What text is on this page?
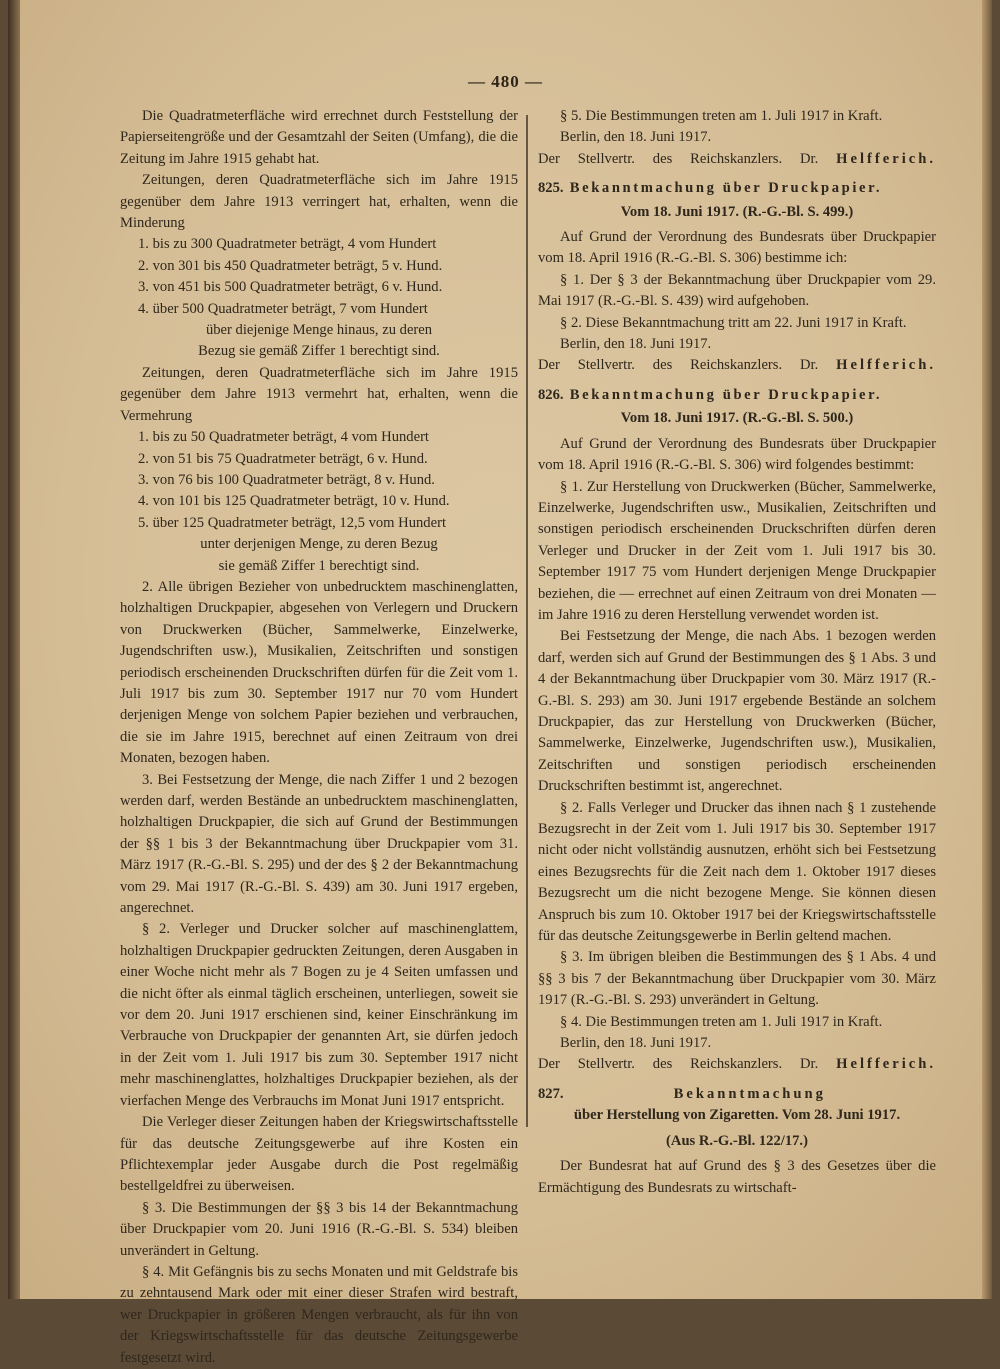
— 480 —

Die Quadratmeterfläche wird errechnet durch Feststellung der Papierseitengröße und der Gesamtzahl der Seiten (Umfang), die die Zeitung im Jahre 1915 gehabt hat.

Zeitungen, deren Quadratmeterfläche sich im Jahre 1915 gegenüber dem Jahre 1913 verringert hat, erhalten, wenn die Minderung

1. bis zu 300 Quadratmeter beträgt, 4 vom Hundert
2. von 301 bis 450 Quadratmeter beträgt, 5 v. Hund.
3. von 451 bis 500 Quadratmeter beträgt, 6 v. Hund.
4. über 500 Quadratmeter beträgt, 7 vom Hundert
über diejenige Menge hinaus, zu deren
Bezug sie gemäß Ziffer 1 berechtigt sind.

Zeitungen, deren Quadratmeterfläche sich im Jahre 1915 gegenüber dem Jahre 1913 vermehrt hat, erhalten, wenn die Vermehrung

1. bis zu 50 Quadratmeter beträgt, 4 vom Hundert
2. von 51 bis 75 Quadratmeter beträgt, 6 v. Hund.
3. von 76 bis 100 Quadratmeter beträgt, 8 v. Hund.
4. von 101 bis 125 Quadratmeter beträgt, 10 v. Hund.
5. über 125 Quadratmeter beträgt, 12,5 vom Hundert
unter derjenigen Menge, zu deren Bezug
sie gemäß Ziffer 1 berechtigt sind.

2. Alle übrigen Bezieher von unbedrucktem maschinenglatten, holzhaltigen Druckpapier, abgesehen von Verlegern und Druckern von Druckwerken (Bücher, Sammelwerke, Einzelwerke, Jugendschriften usw.), Musikalien, Zeitschriften und sonstigen periodisch erscheinenden Druckschriften dürfen für die Zeit vom 1. Juli 1917 bis zum 30. September 1917 nur 70 vom Hundert derjenigen Menge von solchem Papier beziehen und verbrauchen, die sie im Jahre 1915, berechnet auf einen Zeitraum von drei Monaten, bezogen haben.

3. Bei Festsetzung der Menge, die nach Ziffer 1 und 2 bezogen werden darf, werden Bestände an unbedrucktem maschinenglatten, holzhaltigen Druckpapier, die sich auf Grund der Bestimmungen der §§ 1 bis 3 der Bekanntmachung über Druckpapier vom 31. März 1917 (R.-G.-Bl. S. 295) und der des § 2 der Bekanntmachung vom 29. Mai 1917 (R.-G.-Bl. S. 439) am 30. Juni 1917 ergeben, angerechnet.

§ 2. Verleger und Drucker solcher auf maschinenglattem, holzhaltigen Druckpapier gedruckten Zeitungen, deren Ausgaben in einer Woche nicht mehr als 7 Bogen zu je 4 Seiten umfassen und die nicht öfter als einmal täglich erscheinen, unterliegen, soweit sie vor dem 20. Juni 1917 erschienen sind, keiner Einschränkung im Verbrauche von Druckpapier der genannten Art, sie dürfen jedoch in der Zeit vom 1. Juli 1917 bis zum 30. September 1917 nicht mehr maschinenglattes, holzhaltiges Druckpapier beziehen, als der vierfachen Menge des Verbrauchs im Monat Juni 1917 entspricht.

Die Verleger dieser Zeitungen haben der Kriegswirtschaftsstelle für das deutsche Zeitungsgewerbe auf ihre Kosten ein Pflichtexemplar jeder Ausgabe durch die Post regelmäßig bestellgeldfrei zu überweisen.

§ 3. Die Bestimmungen der §§ 3 bis 14 der Bekanntmachung über Druckpapier vom 20. Juni 1916 (R.-G.-Bl. S. 534) bleiben unverändert in Geltung.

§ 4. Mit Gefängnis bis zu sechs Monaten und mit Geldstrafe bis zu zehntausend Mark oder mit einer dieser Strafen wird bestraft, wer Druckpapier in größeren Mengen verbraucht, als für ihn von der Kriegswirtschaftsstelle für das deutsche Zeitungsgewerbe festgesetzt wird.

§ 5. Die Bestimmungen treten am 1. Juli 1917 in Kraft.

Berlin, den 18. Juni 1917.

Der Stellvertr. des Reichskanzlers. Dr. Helfferich.
825. Bekanntmachung über Druckpapier.
Vom 18. Juni 1917. (R.-G.-Bl. S. 499.)

Auf Grund der Verordnung des Bundesrats über Druckpapier vom 18. April 1916 (R.-G.-Bl. S. 306) bestimme ich:

§ 1. Der § 3 der Bekanntmachung über Druckpapier vom 29. Mai 1917 (R.-G.-Bl. S. 439) wird aufgehoben.

§ 2. Diese Bekanntmachung tritt am 22. Juni 1917 in Kraft.

Berlin, den 18. Juni 1917.

Der Stellvertr. des Reichskanzlers. Dr. Helfferich.
826. Bekanntmachung über Druckpapier.
Vom 18. Juni 1917. (R.-G.-Bl. S. 500.)

Auf Grund der Verordnung des Bundesrats über Druckpapier vom 18. April 1916 (R.-G.-Bl. S. 306) wird folgendes bestimmt:

§ 1. Zur Herstellung von Druckwerken (Bücher, Sammelwerke, Einzelwerke, Jugendschriften usw., Musikalien, Zeitschriften und sonstigen periodisch erscheinenden Druckschriften dürfen deren Verleger und Drucker in der Zeit vom 1. Juli 1917 bis 30. September 1917 75 vom Hundert derjenigen Menge Druckpapier beziehen, die — errechnet auf einen Zeitraum von drei Monaten — im Jahre 1916 zu deren Herstellung verwendet worden ist.

Bei Festsetzung der Menge, die nach Abs. 1 bezogen werden darf, werden sich auf Grund der Bestimmungen des § 1 Abs. 3 und 4 der Bekanntmachung über Druckpapier vom 30. März 1917 (R.-G.-Bl. S. 293) am 30. Juni 1917 ergebende Bestände an solchem Druckpapier, das zur Herstellung von Druckwerken (Bücher, Sammelwerke, Einzelwerke, Jugendschriften usw.), Musikalien, Zeitschriften und sonstigen periodisch erscheinenden Druckschriften bestimmt ist, angerechnet.

§ 2. Falls Verleger und Drucker das ihnen nach § 1 zustehende Bezugsrecht in der Zeit vom 1. Juli 1917 bis 30. September 1917 nicht oder nicht vollständig ausnutzen, erhöht sich bei Festsetzung eines Bezugsrechts für die Zeit nach dem 1. Oktober 1917 dieses Bezugsrecht um die nicht bezogene Menge. Sie können diesen Anspruch bis zum 10. Oktober 1917 bei der Kriegswirtschaftsstelle für das deutsche Zeitungsgewerbe in Berlin geltend machen.

§ 3. Im übrigen bleiben die Bestimmungen des § 1 Abs. 4 und §§ 3 bis 7 der Bekanntmachung über Druckpapier vom 30. März 1917 (R.-G.-Bl. S. 293) unverändert in Geltung.

§ 4. Die Bestimmungen treten am 1. Juli 1917 in Kraft.

Berlin, den 18. Juni 1917.

Der Stellvertr. des Reichskanzlers. Dr. Helfferich.
827.	Bekanntmachung
über Herstellung von Zigaretten. Vom 28. Juni 1917.
(Aus R.-G.-Bl. 122/17.)

Der Bundesrat hat auf Grund des § 3 des Gesetzes über die Ermächtigung des Bundesrats zu wirtschaft-
